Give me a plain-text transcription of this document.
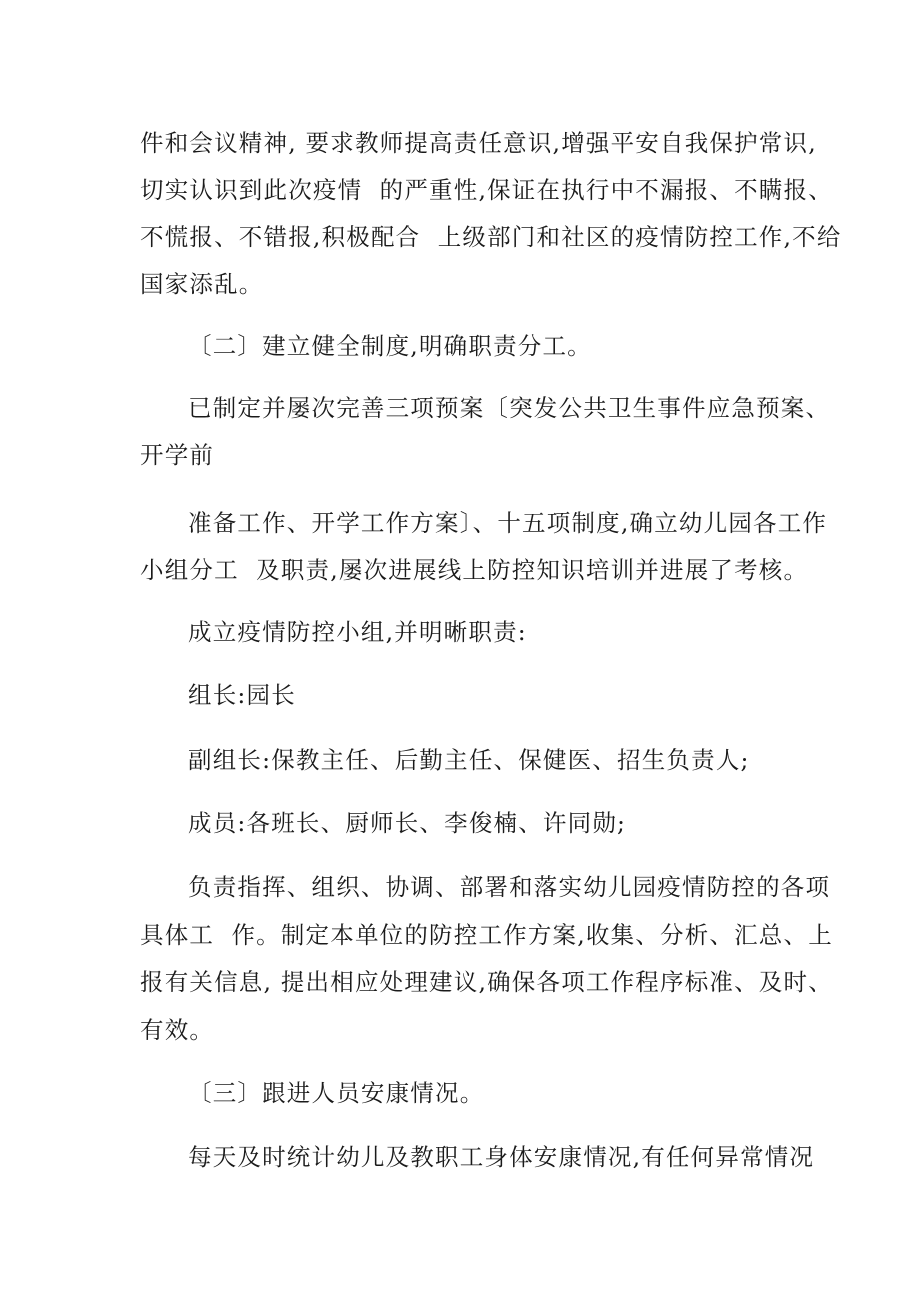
件和会议精神, 要求教师提高责任意识,增强平安自我保护常识,
切实认识到此次疫情  的严重性,保证在执行中不漏报、不瞒报、
不慌报、不错报,积极配合  上级部门和社区的疫情防控工作,不给
国家添乱。
〔二〕建立健全制度,明确职责分工。
已制定并屡次完善三项预案〔突发公共卫生事件应急预案、
开学前
准备工作、开学工作方案〕、十五项制度,确立幼儿园各工作
小组分工  及职责,屡次进展线上防控知识培训并进展了考核。
成立疫情防控小组,并明晰职责:
组长:园长
副组长:保教主任、后勤主任、保健医、招生负责人;
成员:各班长、厨师长、李俊楠、许同勋;
负责指挥、组织、协调、部署和落实幼儿园疫情防控的各项
具体工  作。制定本单位的防控工作方案,收集、分析、汇总、上
报有关信息, 提出相应处理建议,确保各项工作程序标准、及时、
有效。
〔三〕跟进人员安康情况。
每天及时统计幼儿及教职工身体安康情况,有任何异常情况
